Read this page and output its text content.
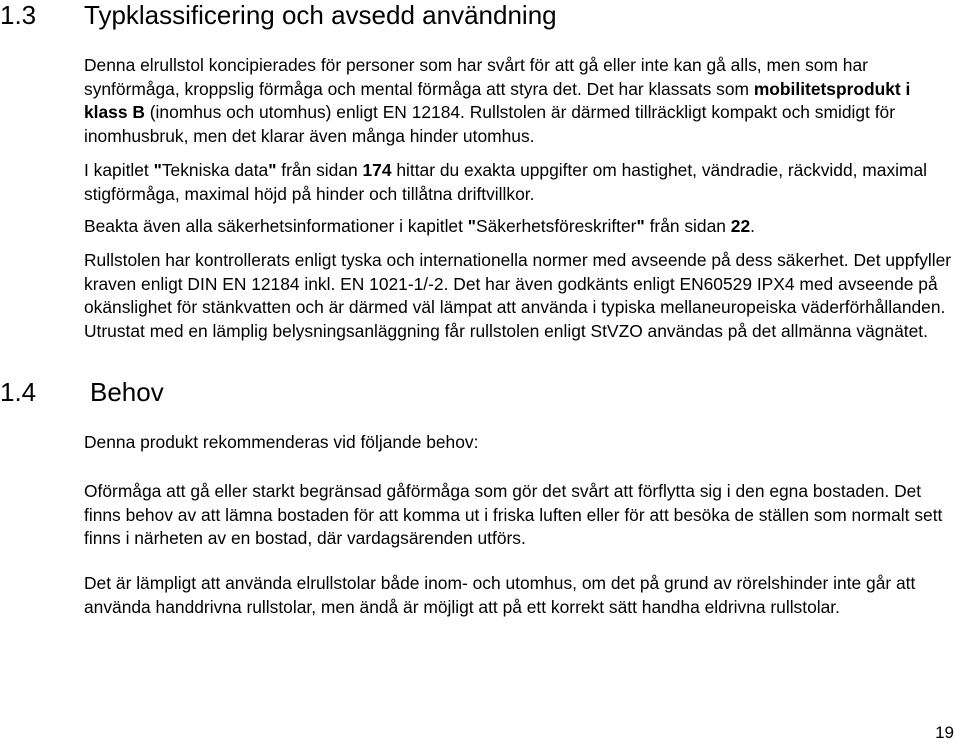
1.3 Typklassificering och avsedd användning

Denna elrullstol koncipierades för personer som har svårt för att gå eller inte kan gå alls, men som har synförmåga, kroppslig förmåga och mental förmåga att styra det. Det har klassats som mobilitetsprodukt i klass B (inomhus och utomhus) enligt EN 12184. Rullstolen är därmed tillräckligt kompakt och smidigt för inomhusbruk, men det klarar även många hinder utomhus.

I kapitlet "Tekniska data" från sidan 174 hittar du exakta uppgifter om hastighet, vändradie, räckvidd, maximal stigförmåga, maximal höjd på hinder och tillåtna driftvillkor.

Beakta även alla säkerhetsinformationer i kapitlet "Säkerhetsföreskrifter" från sidan 22.

Rullstolen har kontrollerats enligt tyska och internationella normer med avseende på dess säkerhet. Det uppfyller kraven enligt DIN EN 12184 inkl. EN 1021-1/-2. Det har även godkänts enligt EN60529 IPX4 med avseende på okänslighet för stänkvatten och är därmed väl lämpat att använda i typiska mellaneuropeiska väderförhållanden. Utrustat med en lämplig belysningsanläggning får rullstolen enligt StVZO användas på det allmänna vägnätet.

1.4 Behov

Denna produkt rekommenderas vid följande behov:

Oförmåga att gå eller starkt begränsad gåförmåga som gör det svårt att förflytta sig i den egna bostaden. Det finns behov av att lämna bostaden för att komma ut i friska luften eller för att besöka de ställen som normalt sett finns i närheten av en bostad, där vardagsärenden utförs.

Det är lämpligt att använda elrullstolar både inom- och utomhus, om det på grund av rörelshinder inte går att använda handdrivna rullstolar, men ändå är möjligt att på ett korrekt sätt handha eldrivna rullstolar.

19
